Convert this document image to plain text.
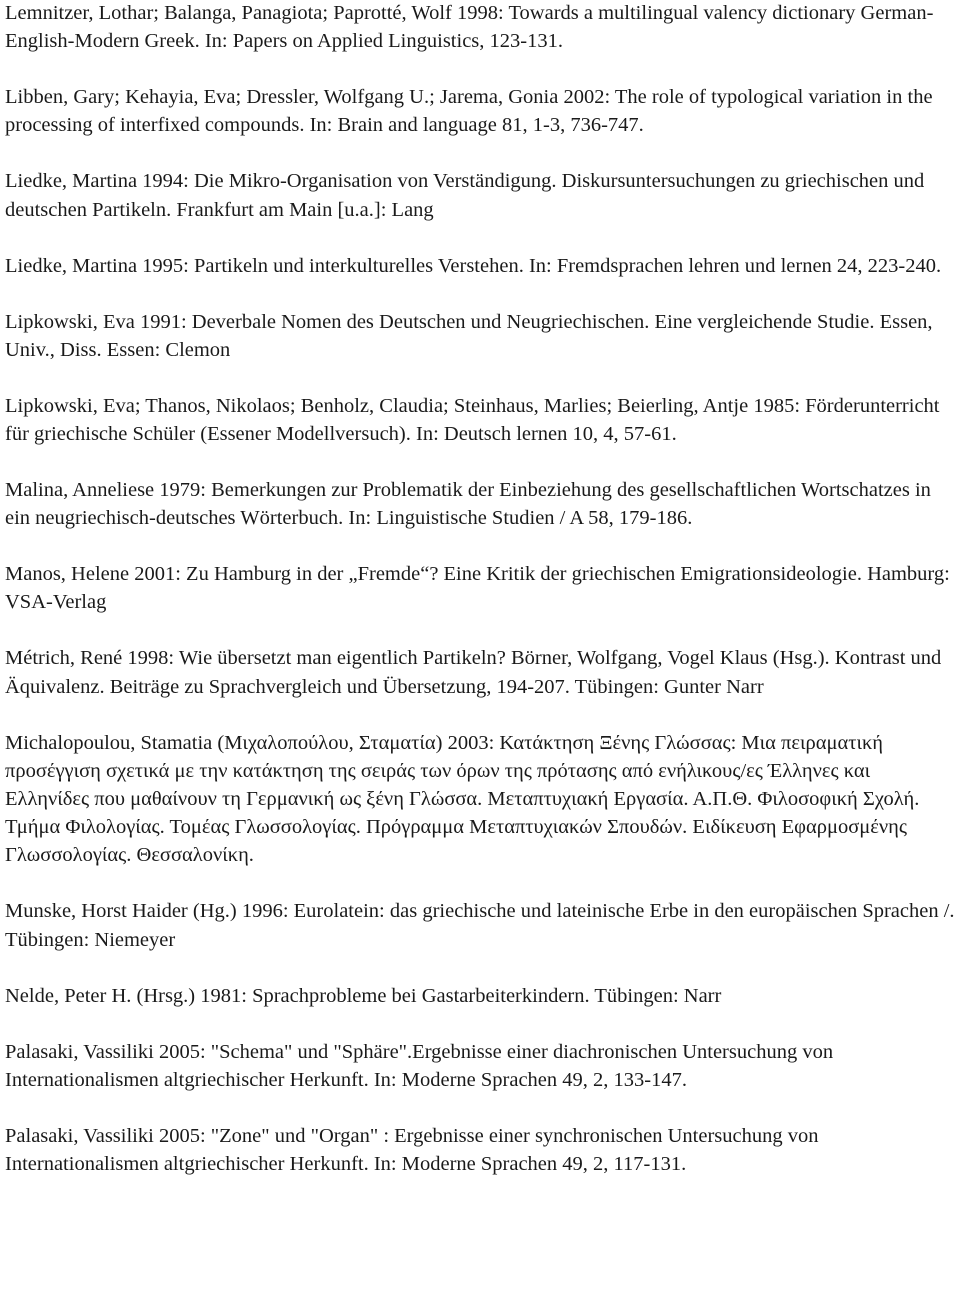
Lemnitzer, Lothar; Balanga, Panagiota; Paprotté, Wolf 1998: Towards a multilingual valency dictionary German-English-Modern Greek. In: Papers on Applied Linguistics, 123-131.
Libben, Gary; Kehayia, Eva; Dressler, Wolfgang U.; Jarema, Gonia 2002: The role of typological variation in the processing of interfixed compounds. In: Brain and language 81, 1-3, 736-747.
Liedke, Martina 1994: Die Mikro-Organisation von Verständigung. Diskursuntersuchungen zu griechischen und deutschen Partikeln. Frankfurt am Main [u.a.]: Lang
Liedke, Martina 1995: Partikeln und interkulturelles Verstehen. In: Fremdsprachen lehren und lernen 24, 223-240.
Lipkowski, Eva 1991: Deverbale Nomen des Deutschen und Neugriechischen. Eine vergleichende Studie. Essen, Univ., Diss. Essen: Clemon
Lipkowski, Eva; Thanos, Nikolaos; Benholz, Claudia; Steinhaus, Marlies; Beierling, Antje 1985: Förderunterricht für griechische Schüler (Essener Modellversuch). In: Deutsch lernen 10, 4, 57-61.
Malina, Anneliese 1979: Bemerkungen zur Problematik der Einbeziehung des gesellschaftlichen Wortschatzes in ein neugriechisch-deutsches Wörterbuch. In: Linguistische Studien / A 58, 179-186.
Manos, Helene 2001: Zu Hamburg in der „Fremde“? Eine Kritik der griechischen Emigrationsideologie. Hamburg: VSA-Verlag
Métrich, René 1998: Wie übersetzt man eigentlich Partikeln? Börner, Wolfgang, Vogel Klaus (Hsg.). Kontrast und Äquivalenz. Beiträge zu Sprachvergleich und Übersetzung, 194-207. Tübingen: Gunter Narr
Michalopoulou, Stamatia (Μιχαλοπούλου, Σταματία) 2003: Κατάκτηση Ξένης Γλώσσας: Μια πειραματική προσέγγιση σχετικά με την κατάκτηση της σειράς των όρων της πρότασης από ενήλικους/ες Έλληνες και Ελληνίδες που μαθαίνουν τη Γερμανική ως ξένη Γλώσσα. Μεταπτυχιακή Εργασία. Α.Π.Θ. Φιλοσοφική Σχολή. Τμήμα Φιλολογίας. Τομέας Γλωσσολογίας. Πρόγραμμα Μεταπτυχιακών Σπουδών. Ειδίκευση Εφαρμοσμένης Γλωσσολογίας. Θεσσαλονίκη.
Munske, Horst Haider (Hg.) 1996: Eurolatein: das griechische und lateinische Erbe in den europäischen Sprachen /. Tübingen: Niemeyer
Nelde, Peter H. (Hrsg.) 1981: Sprachprobleme bei Gastarbeiterkindern. Tübingen: Narr
Palasaki, Vassiliki 2005: "Schema" und "Sphäre".Ergebnisse einer diachronischen Untersuchung von Internationalismen altgriechischer Herkunft. In: Moderne Sprachen 49, 2, 133-147.
Palasaki, Vassiliki 2005: "Zone" und "Organ" : Ergebnisse einer synchronischen Untersuchung von Internationalismen altgriechischer Herkunft. In: Moderne Sprachen 49, 2, 117-131.
